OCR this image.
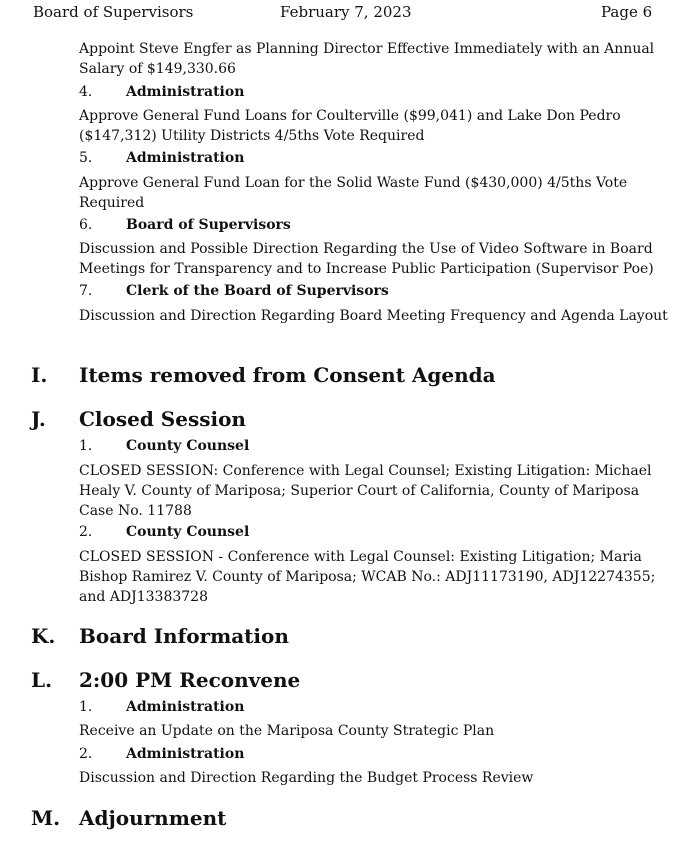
Board of Supervisors	February 7, 2023	Page 6
Appoint Steve Engfer as Planning Director Effective Immediately with an Annual Salary of $149,330.66
4. Administration
Approve General Fund Loans for Coulterville ($99,041) and Lake Don Pedro ($147,312) Utility Districts 4/5ths Vote Required
5. Administration
Approve General Fund Loan for the Solid Waste Fund ($430,000) 4/5ths Vote Required
6. Board of Supervisors
Discussion and Possible Direction Regarding the Use of Video Software in Board Meetings for Transparency and to Increase Public Participation (Supervisor Poe)
7. Clerk of the Board of Supervisors
Discussion and Direction Regarding Board Meeting Frequency and Agenda Layout
I. Items removed from Consent Agenda
J. Closed Session
1. County Counsel
CLOSED SESSION: Conference with Legal Counsel; Existing Litigation: Michael Healy V. County of Mariposa; Superior Court of California, County of Mariposa Case No. 11788
2. County Counsel
CLOSED SESSION - Conference with Legal Counsel: Existing Litigation; Maria Bishop Ramirez V. County of Mariposa; WCAB No.: ADJ11173190, ADJ12274355; and ADJ13383728
K. Board Information
L. 2:00 PM Reconvene
1. Administration
Receive an Update on the Mariposa County Strategic Plan
2. Administration
Discussion and Direction Regarding the Budget Process Review
M. Adjournment
